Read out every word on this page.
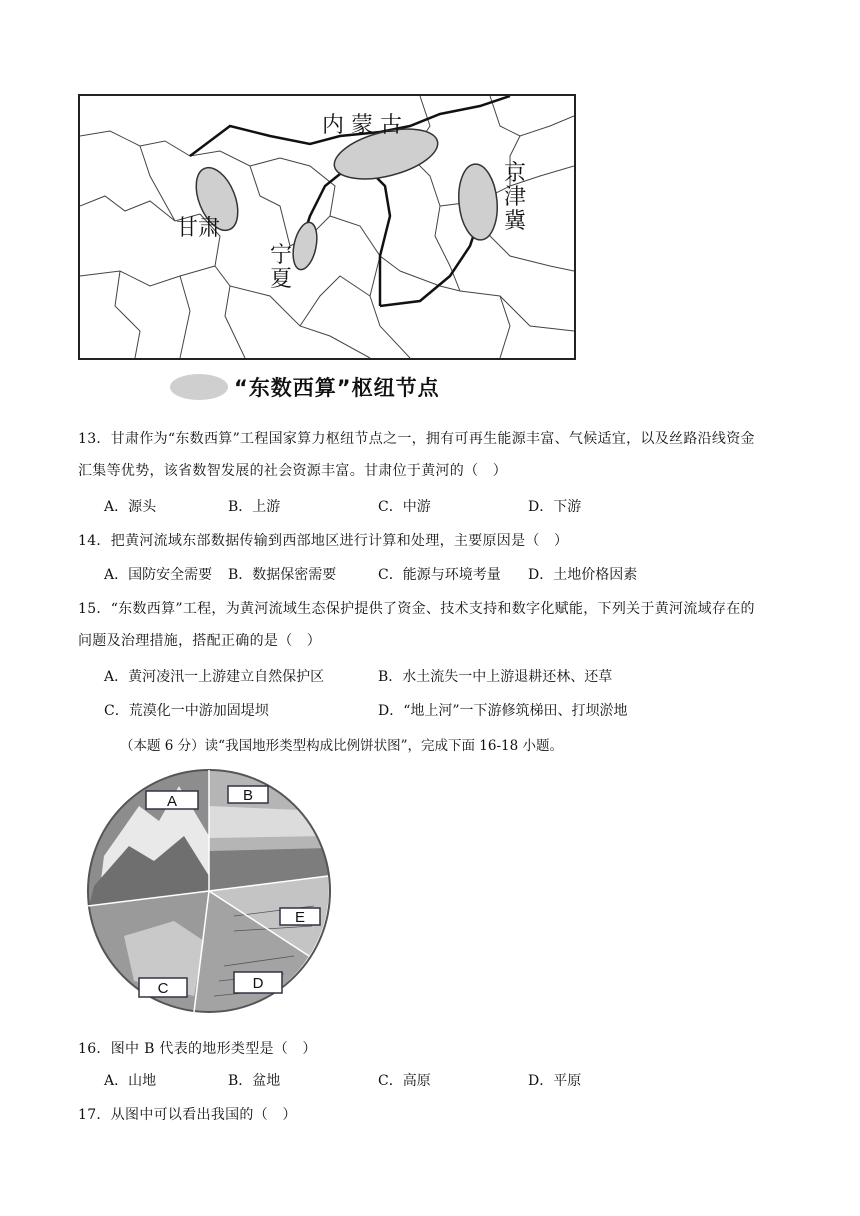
内 蒙 古
甘肃
宁
夏
京
津
冀
“东数西算”枢纽节点
13．甘肃作为“东数西算”工程国家算力枢纽节点之一，拥有可再生能源丰富、气候适宜，以及丝路沿线资金
汇集等优势，该省数智发展的社会资源丰富。甘肃位于黄河的（　）
A．源头	B．上游	C．中游	D．下游
14．把黄河流域东部数据传输到西部地区进行计算和处理，主要原因是（　）
A．国防安全需要 B．数据保密需要	C．能源与环境考量 D．土地价格因素
15．“东数西算”工程，为黄河流域生态保护提供了资金、技术支持和数字化赋能，下列关于黄河流域存在的
问题及治理措施，搭配正确的是（　）
A．黄河凌汛一上游建立自然保护区	B．水土流失一中上游退耕还林、还草
C．荒漠化一中游加固堤坝	D．“地上河”一下游修筑梯田、打坝淤地
（本题 6 分）读“我国地形类型构成比例饼状图”，完成下面 16-18 小题。
A	B
C	D
E
16．图中 B 代表的地形类型是（　）
A．山地	B．盆地	C．高原	D．平原
17．从图中可以看出我国的（　）
